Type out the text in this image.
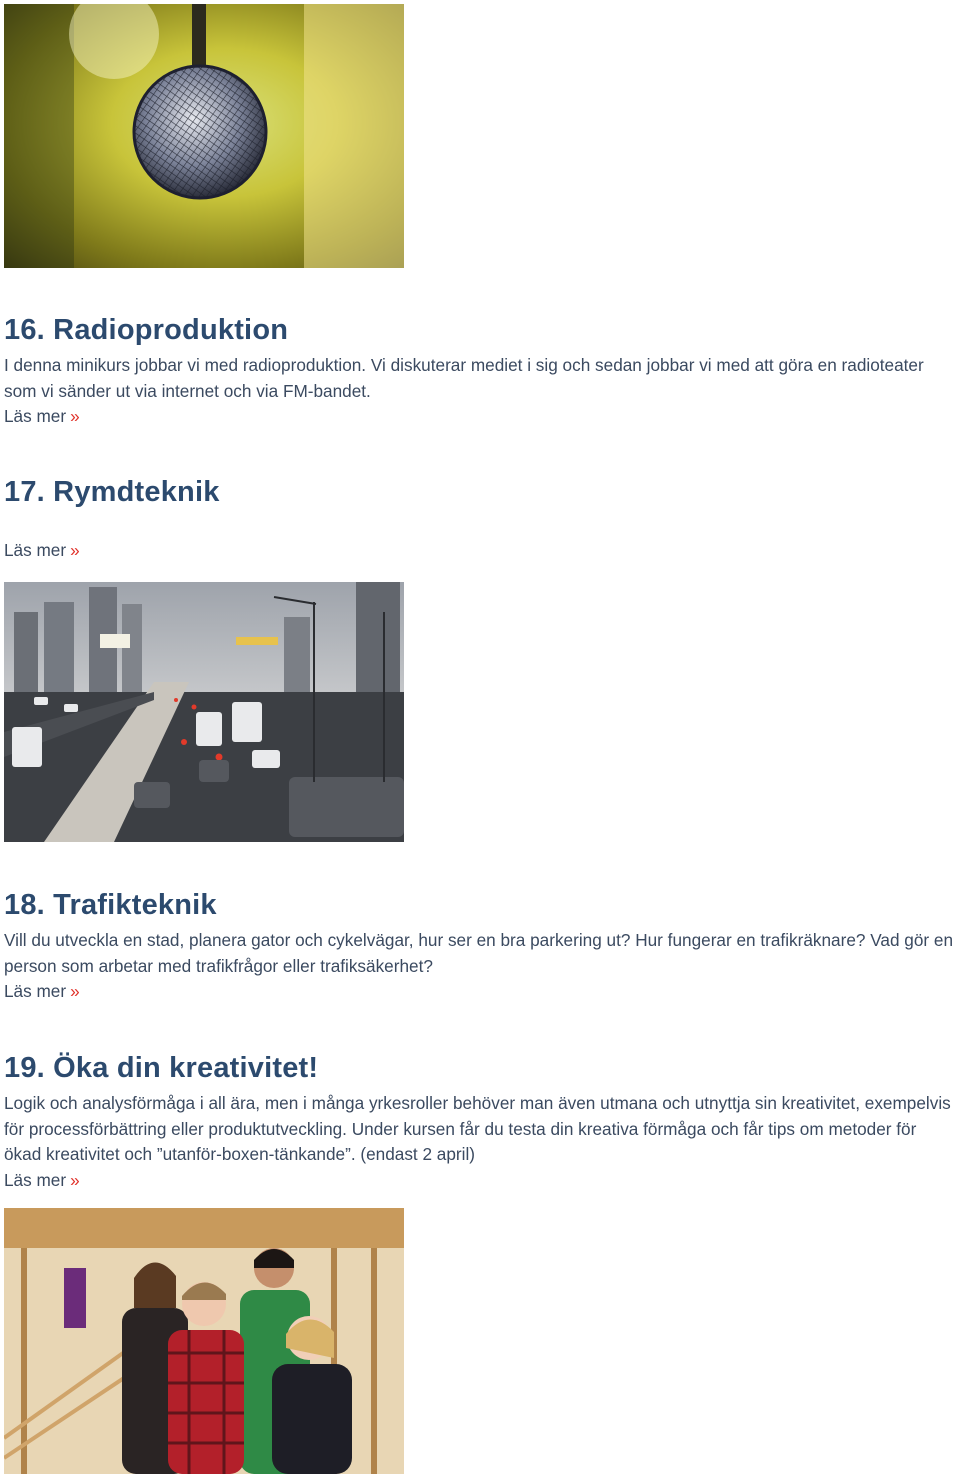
16. Radioproduktion

I denna minikurs jobbar vi med radioproduktion. Vi diskuterar mediet i sig och sedan jobbar vi med att göra en radioteater som vi sänder ut via internet och via FM-bandet.

Läs mer »
17. Rymdteknik
Läs mer »
18. Trafikteknik

Vill du utveckla en stad, planera gator och cykelvägar, hur ser en bra parkering ut? Hur fungerar en trafikräknare? Vad gör en person som arbetar med trafikfrågor eller trafiksäkerhet?

Läs mer »
19. Öka din kreativitet!

Logik och analysförmåga i all ära, men i många yrkesroller behöver man även utmana och utnyttja sin kreativitet, exempelvis för processförbättring eller produktutveckling. Under kursen får du testa din kreativa förmåga och får tips om metoder för ökad kreativitet och ”utanför-boxen-tänkande”. (endast 2 april)

Läs mer »
